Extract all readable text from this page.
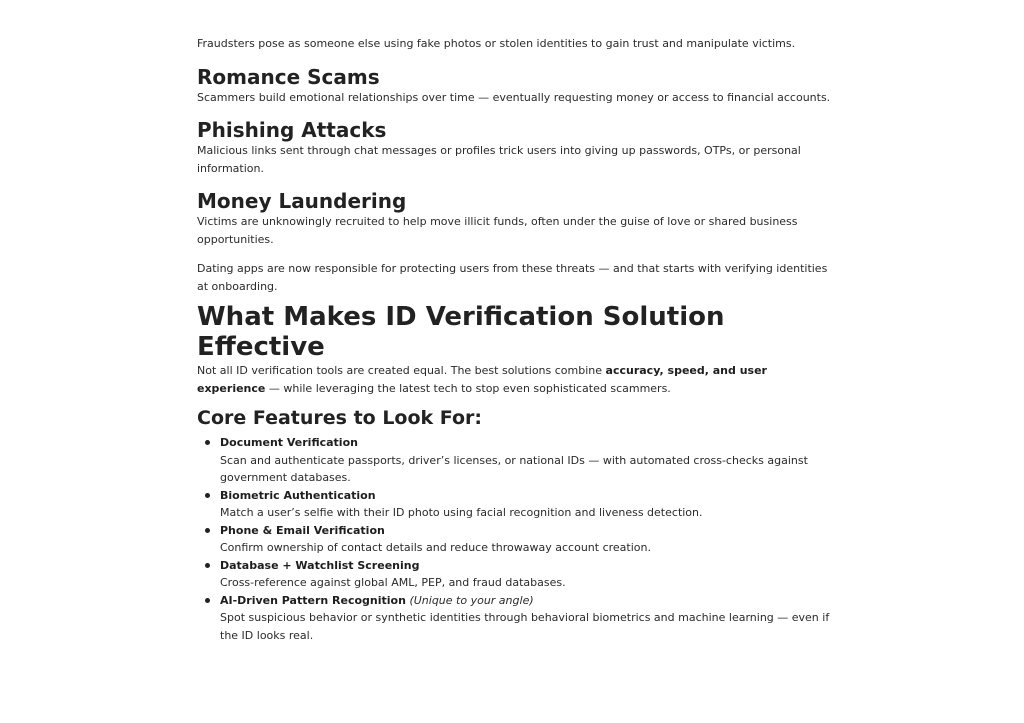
Fraudsters pose as someone else using fake photos or stolen identities to gain trust and manipulate victims.

Romance Scams

Scammers build emotional relationships over time — eventually requesting money or access to financial accounts.

Phishing Attacks

Malicious links sent through chat messages or profiles trick users into giving up passwords, OTPs, or personal information.

Money Laundering

Victims are unknowingly recruited to help move illicit funds, often under the guise of love or shared business opportunities.

Dating apps are now responsible for protecting users from these threats — and that starts with verifying identities at onboarding.

What Makes ID Verification Solution Effective

Not all ID verification tools are created equal. The best solutions combine accuracy, speed, and user experience — while leveraging the latest tech to stop even sophisticated scammers.

Core Features to Look For:
Document Verification
Scan and authenticate passports, driver’s licenses, or national IDs — with automated cross-checks against government databases.
Biometric Authentication
Match a user’s selfie with their ID photo using facial recognition and liveness detection.
Phone & Email Verification
Confirm ownership of contact details and reduce throwaway account creation.
Database + Watchlist Screening
Cross-reference against global AML, PEP, and fraud databases.
AI-Driven Pattern Recognition (Unique to your angle)
Spot suspicious behavior or synthetic identities through behavioral biometrics and machine learning — even if the ID looks real.
